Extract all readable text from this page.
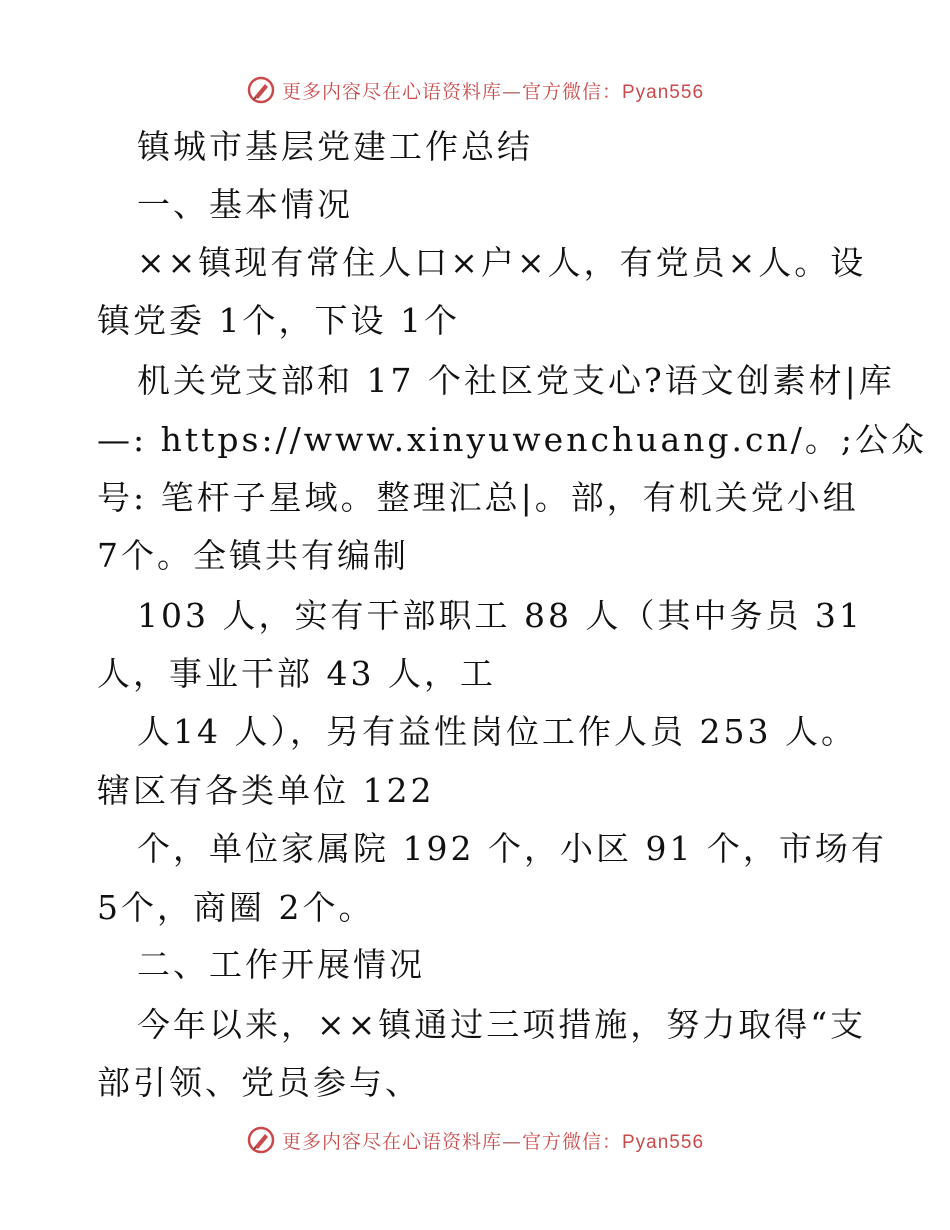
更多内容尽在心语资料库—官方微信：Pyan556
镇城市基层党建工作总结
一、基本情况
××镇现有常住人口×户×人，有党员×人。设
镇党委 1个，下设 1个
机关党支部和 17 个社区党支心?语文创素材|库
—: https://www.xinyuwenchuang.cn/。;公众
号: 笔杆子星域。整理汇总|。部，有机关党小组
7个。全镇共有编制
103 人，实有干部职工 88 人（其中务员 31
人，事业干部 43 人，工
人14 人），另有益性岗位工作人员 253 人。
辖区有各类单位 122
个，单位家属院 192 个，小区 91 个，市场有
5个，商圈 2个。
二、工作开展情况
今年以来，××镇通过三项措施，努力取得“支
部引领、党员参与、
更多内容尽在心语资料库—官方微信：Pyan556
